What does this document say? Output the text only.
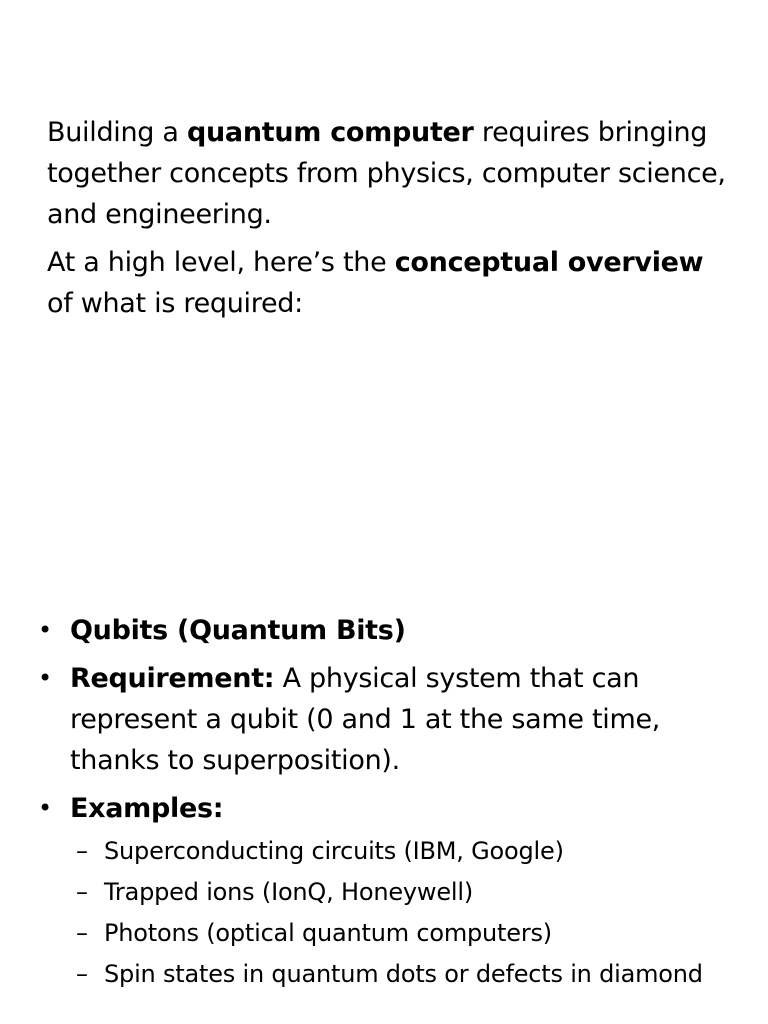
Building a quantum computer requires bringing together concepts from physics, computer science, and engineering.

At a high level, here’s the conceptual overview of what is required:

• Qubits (Quantum Bits)
• Requirement: A physical system that can represent a qubit (0 and 1 at the same time, thanks to superposition).
• Examples:
– Superconducting circuits (IBM, Google)
– Trapped ions (IonQ, Honeywell)
– Photons (optical quantum computers)
– Spin states in quantum dots or defects in diamond
